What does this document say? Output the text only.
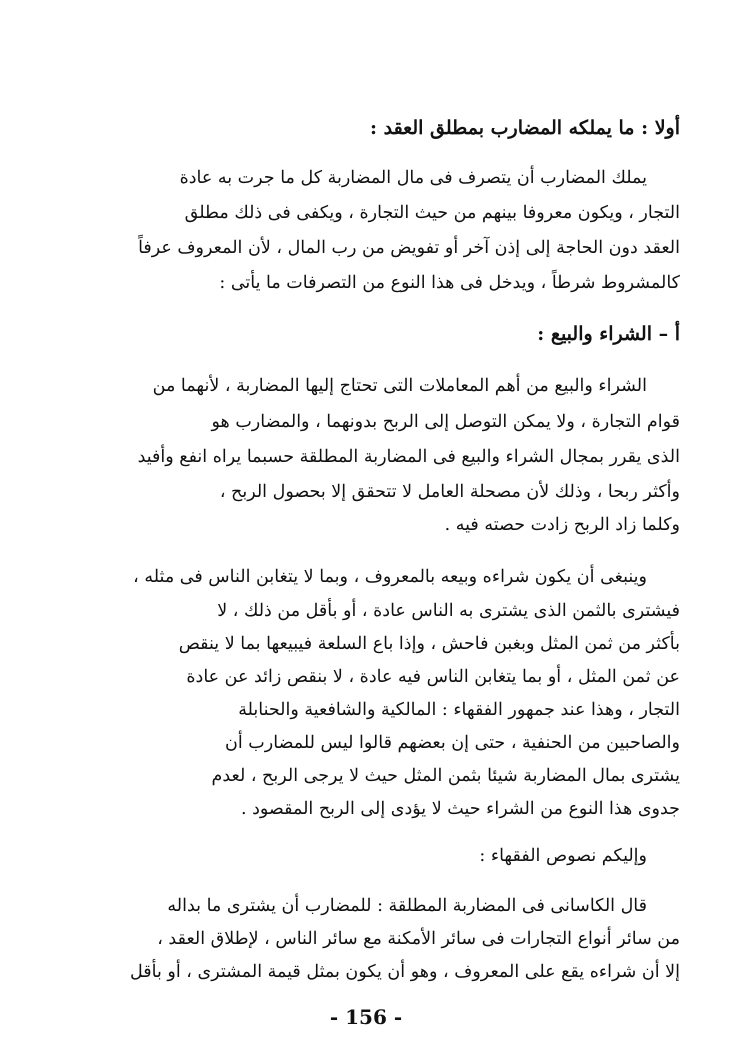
أولا : ما يملكه المضارب بمطلق العقد :
يملك المضارب أن يتصرف فى مال المضاربة كل ما جرت به عادة
التجار ، ويكون معروفا بينهم من حيث التجارة ، ويكفى فى ذلك مطلق
العقد دون الحاجة إلى إذن آخر أو تفويض من رب المال ، لأن المعروف عرفاً
كالمشروط شرطاً ، ويدخل فى هذا النوع من التصرفات ما يأتى :
أ – الشراء والبيع :
الشراء والبيع من أهم المعاملات التى تحتاج إليها المضاربة ، لأنهما من
قوام التجارة ، ولا يمكن التوصل إلى الربح بدونهما ، والمضارب هو
الذى يقرر بمجال الشراء والبيع فى المضاربة المطلقة حسبما يراه انفع وأفيد
وأكثر ربحا ، وذلك لأن مصحلة العامل لا تتحقق إلا بحصول الربح ،
وكلما زاد الربح زادت حصته فيه .
وينبغى أن يكون شراءه وبيعه بالمعروف ، وبما لا يتغابن الناس فى مثله ،
فيشترى بالثمن الذى يشترى به الناس عادة ، أو بأقل من ذلك ، لا
بأكثر من ثمن المثل وبغبن فاحش ، وإذا باع السلعة فيبيعها بما لا ينقص
عن ثمن المثل ، أو بما يتغابن الناس فيه عادة ، لا بنقص زائد عن عادة
التجار ، وهذا عند جمهور الفقهاء : المالكية والشافعية والحنابلة
والصاحبين من الحنفية ، حتى إن بعضهم قالوا ليس للمضارب أن
يشترى بمال المضاربة شيئا بثمن المثل حيث لا يرجى الربح ، لعدم
جدوى هذا النوع من الشراء حيث لا يؤدى إلى الربح المقصود .
وإليكم نصوص الفقهاء :
قال الكاسانى فى المضاربة المطلقة : للمضارب أن يشترى ما بداله
من سائر أنواع التجارات فى سائر الأمكنة مع سائر الناس ، لإطلاق العقد ،
إلا أن شراءه يقع على المعروف ، وهو أن يكون بمثل قيمة المشترى ، أو بأقل
- 156 -
